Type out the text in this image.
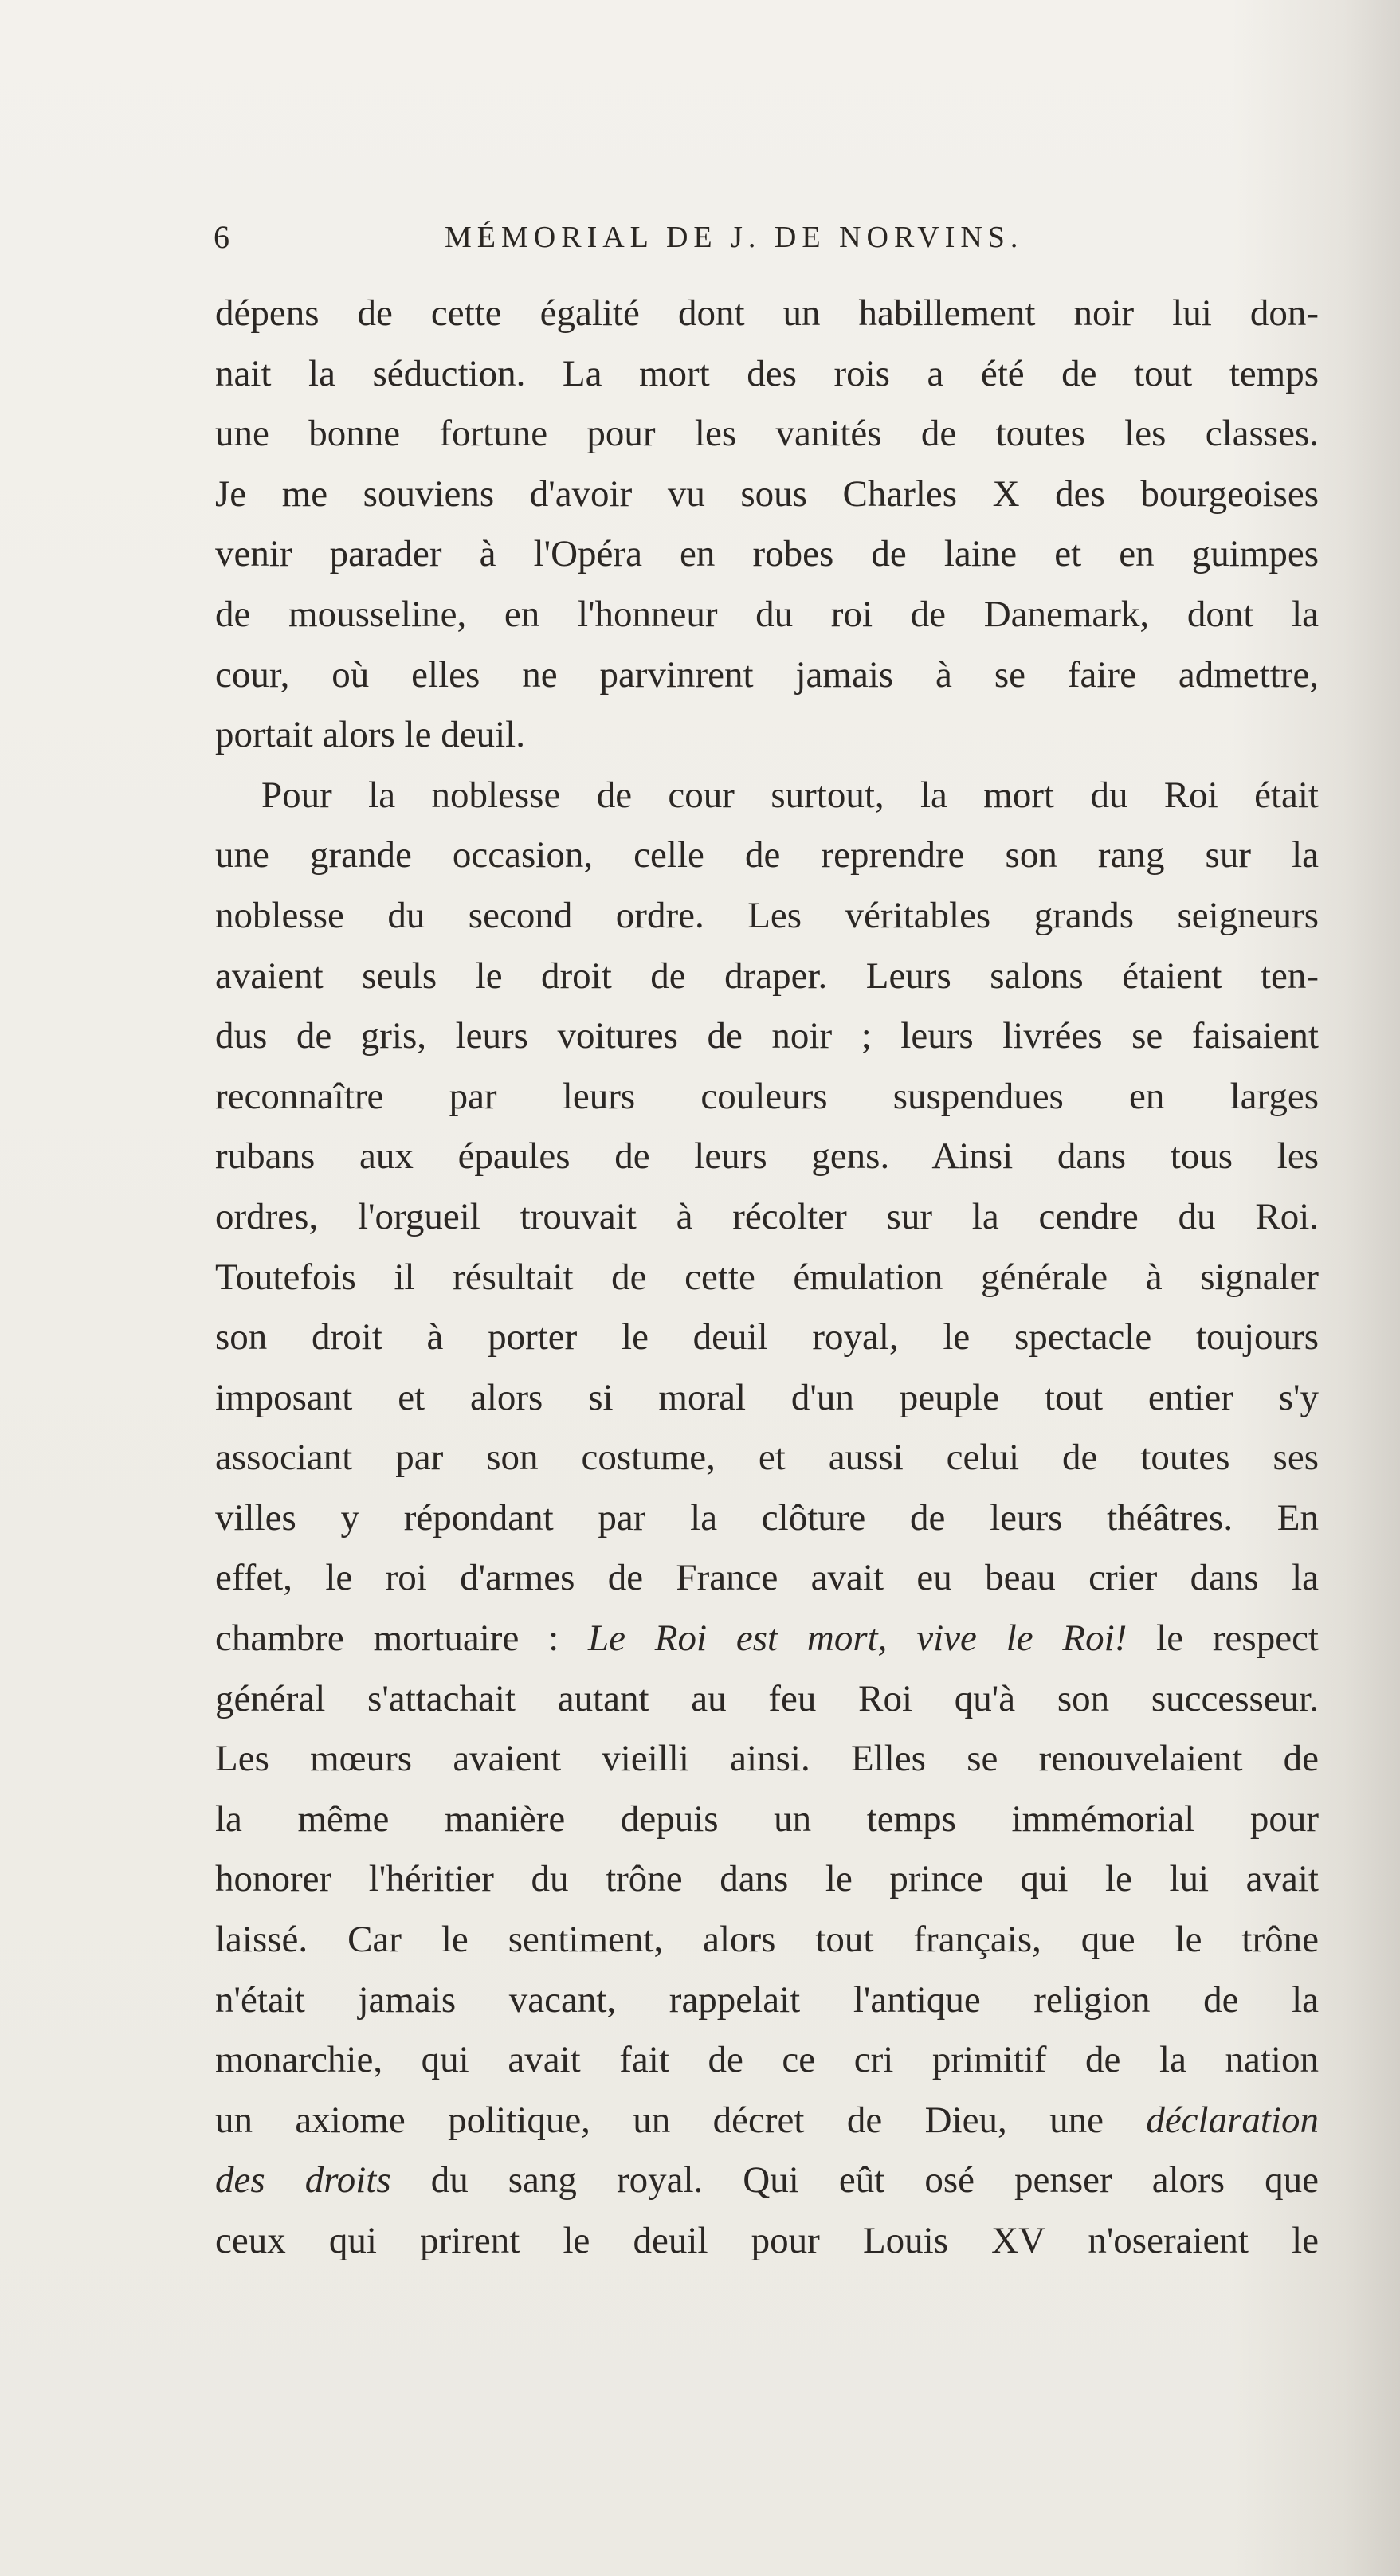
6	MÉMORIAL DE J. DE NORVINS.
dépens de cette égalité dont un habillement noir lui don-
nait la séduction. La mort des rois a été de tout temps
une bonne fortune pour les vanités de toutes les classes.
Je me souviens d'avoir vu sous Charles X des bourgeoises
venir parader à l'Opéra en robes de laine et en guimpes
de mousseline, en l'honneur du roi de Danemark, dont la
cour, où elles ne parvinrent jamais à se faire admettre,
portait alors le deuil.
Pour la noblesse de cour surtout, la mort du Roi était
une grande occasion, celle de reprendre son rang sur la
noblesse du second ordre. Les véritables grands seigneurs
avaient seuls le droit de draper. Leurs salons étaient ten-
dus de gris, leurs voitures de noir ; leurs livrées se faisaient
reconnaître par leurs couleurs suspendues en larges
rubans aux épaules de leurs gens. Ainsi dans tous les
ordres, l'orgueil trouvait à récolter sur la cendre du Roi.
Toutefois il résultait de cette émulation générale à signaler
son droit à porter le deuil royal, le spectacle toujours
imposant et alors si moral d'un peuple tout entier s'y
associant par son costume, et aussi celui de toutes ses
villes y répondant par la clôture de leurs théâtres. En
effet, le roi d'armes de France avait eu beau crier dans la
chambre mortuaire : Le Roi est mort, vive le Roi! le respect
général s'attachait autant au feu Roi qu'à son successeur.
Les mœurs avaient vieilli ainsi. Elles se renouvelaient de
la même manière depuis un temps immémorial pour
honorer l'héritier du trône dans le prince qui le lui avait
laissé. Car le sentiment, alors tout français, que le trône
n'était jamais vacant, rappelait l'antique religion de la
monarchie, qui avait fait de ce cri primitif de la nation
un axiome politique, un décret de Dieu, une déclaration
des droits du sang royal. Qui eût osé penser alors que
ceux qui prirent le deuil pour Louis XV n'oseraient le
